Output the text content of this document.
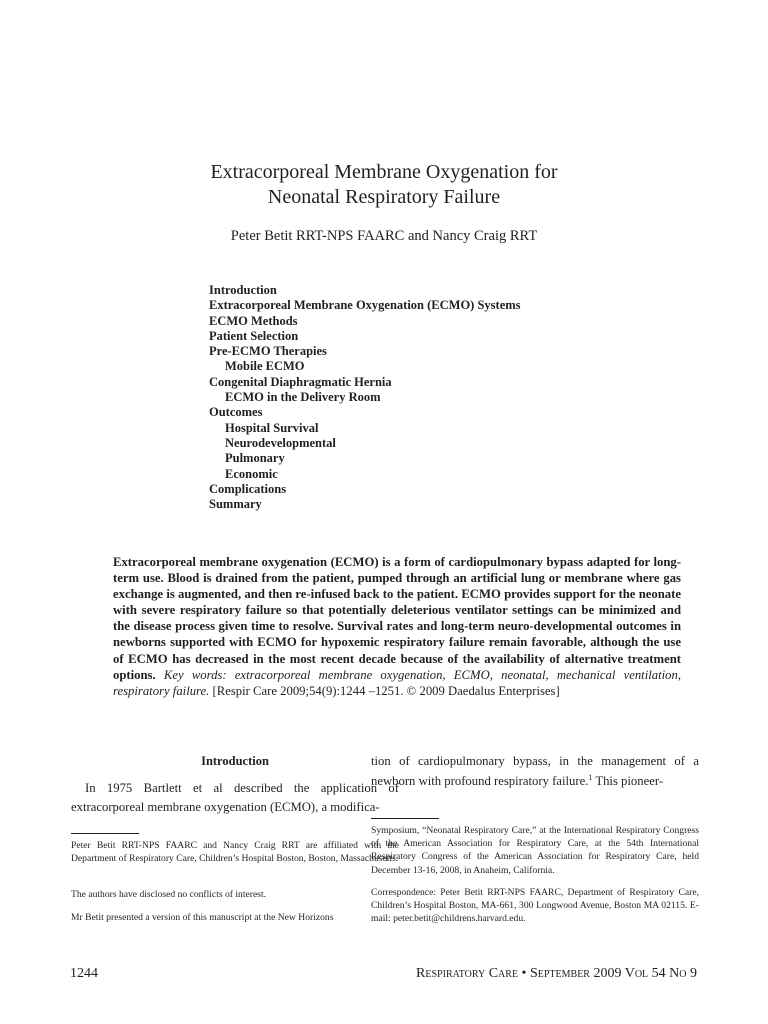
Extracorporeal Membrane Oxygenation for
Neonatal Respiratory Failure
Peter Betit RRT-NPS FAARC and Nancy Craig RRT
Introduction
Extracorporeal Membrane Oxygenation (ECMO) Systems
ECMO Methods
Patient Selection
Pre-ECMO Therapies
Mobile ECMO
Congenital Diaphragmatic Hernia
ECMO in the Delivery Room
Outcomes
Hospital Survival
Neurodevelopmental
Pulmonary
Economic
Complications
Summary

Extracorporeal membrane oxygenation (ECMO) is a form of cardiopulmonary bypass adapted for long-term use. Blood is drained from the patient, pumped through an artificial lung or membrane where gas exchange is augmented, and then re-infused back to the patient. ECMO provides support for the neonate with severe respiratory failure so that potentially deleterious ventilator settings can be minimized and the disease process given time to resolve. Survival rates and long-term neuro-developmental outcomes in newborns supported with ECMO for hypoxemic respiratory failure remain favorable, although the use of ECMO has decreased in the most recent decade because of the availability of alternative treatment options. Key words: extracorporeal membrane oxygenation, ECMO, neonatal, mechanical ventilation, respiratory failure. [Respir Care 2009;54(9):1244 –1251. © 2009 Daedalus Enterprises]

Introduction

In 1975 Bartlett et al described the application of extracorporeal membrane oxygenation (ECMO), a modifica-

tion of cardiopulmonary bypass, in the management of a newborn with profound respiratory failure.$^1$ This pioneer-

Peter Betit RRT-NPS FAARC and Nancy Craig RRT are affiliated with the Department of Respiratory Care, Children’s Hospital Boston, Boston, Massachusetts.

The authors have disclosed no conflicts of interest.

Mr Betit presented a version of this manuscript at the New Horizons

Symposium, “Neonatal Respiratory Care,” at the International Respiratory Congress of the American Association for Respiratory Care, at the 54th International Respiratory Congress of the American Association for Respiratory Care, held December 13-16, 2008, in Anaheim, California.

Correspondence: Peter Betit RRT-NPS FAARC, Department of Respiratory Care, Children’s Hospital Boston, MA-661, 300 Longwood Avenue, Boston MA 02115. E-mail: peter.betit@childrens.harvard.edu.

1244	Respiratory Care • September 2009 Vol 54 No 9
